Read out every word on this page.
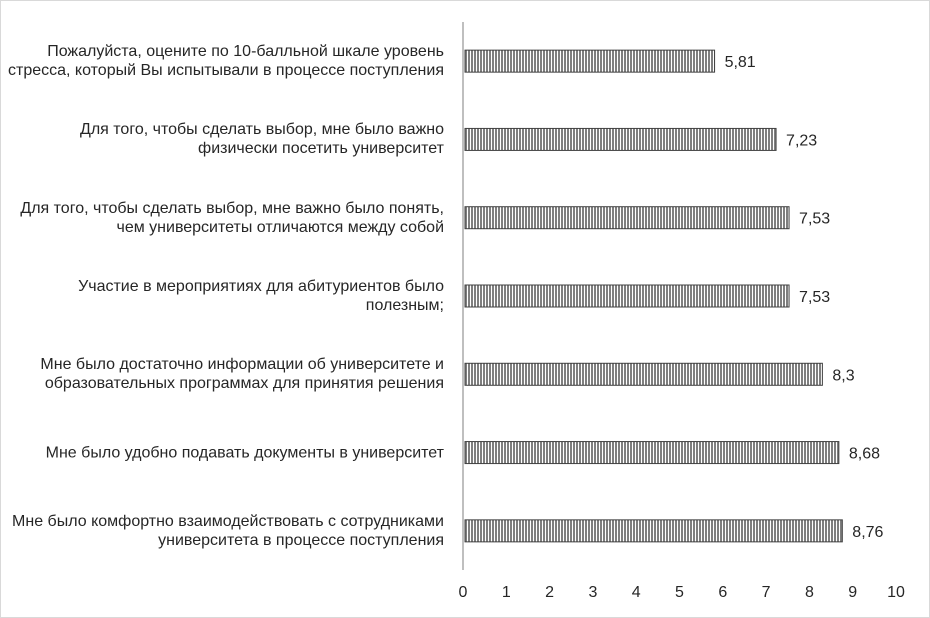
Пожалуйста, оцените по 10-балльной шкале уровень стресса, который Вы испытывали в процессе поступления
Для того, чтобы сделать выбор, мне было важно физически посетить университет
Для того, чтобы сделать выбор, мне важно было понять, чем университеты отличаются между собой
Участие в мероприятиях для абитуриентов было полезным;
Мне было достаточно информации об университете и образовательных программах для принятия решения
Мне было удобно подавать документы в университет
Мне было комфортно взаимодействовать с сотрудниками университета в процессе поступления
5,81
7,23
7,53
7,53
8,3
8,68
8,76
0 1 2 3 4 5 6 7 8 9 10
